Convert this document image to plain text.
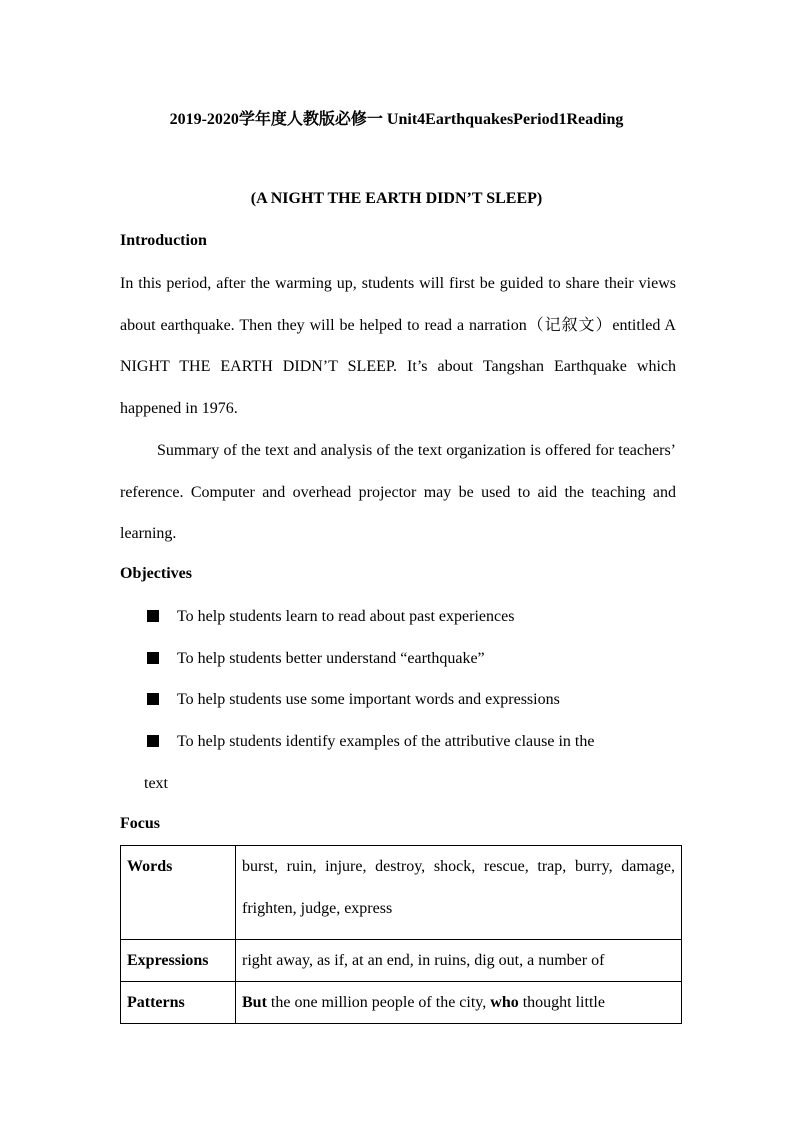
2019-2020学年度人教版必修一 Unit4EarthquakesPeriod1Reading
(A NIGHT THE EARTH DIDN’T SLEEP)
Introduction
In this period, after the warming up, students will first be guided to share their views about earthquake. Then they will be helped to read a narration（记叙文）entitled A NIGHT THE EARTH DIDN’T SLEEP. It’s about Tangshan Earthquake which happened in 1976.
Summary of the text and analysis of the text organization is offered for teachers’ reference. Computer and overhead projector may be used to aid the teaching and learning.
Objectives
To help students learn to read about past experiences
To help students better understand “earthquake”
To help students use some important words and expressions
To help students identify examples of the attributive clause in the
text
Focus
Words	burst, ruin, injure, destroy, shock, rescue, trap, burry, damage, frighten, judge, express
Expressions	right away, as if, at an end, in ruins, dig out, a number of
Patterns	But the one million people of the city, who thought little
